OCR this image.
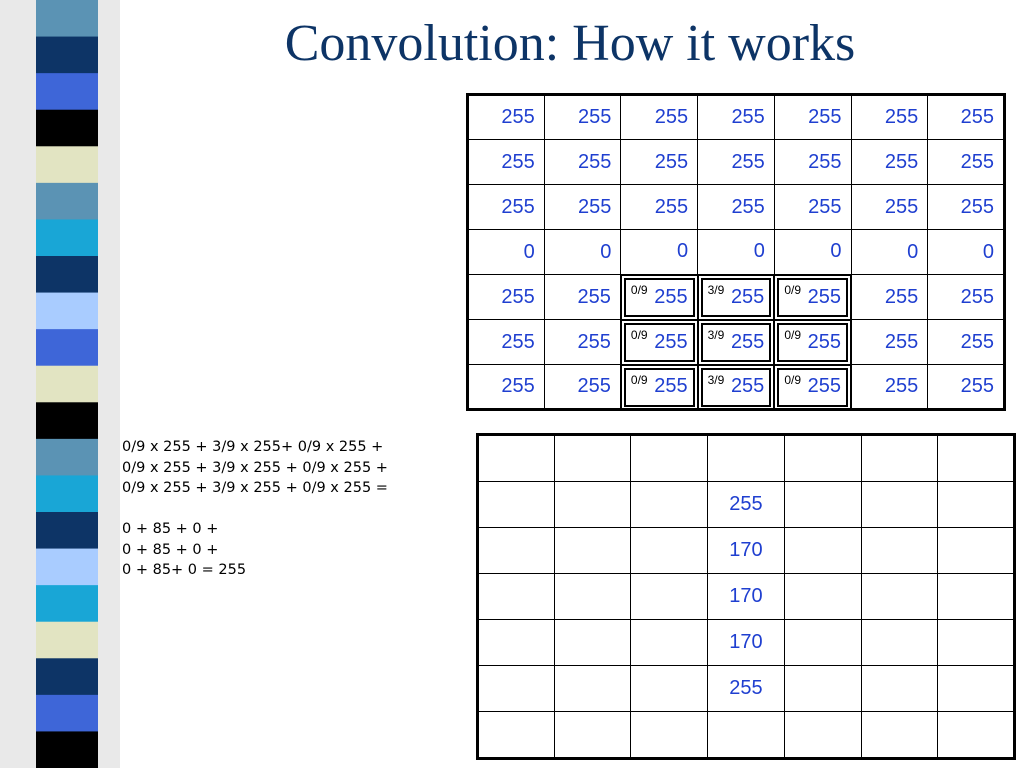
Convolution: How it works
255	255	255	255	255	255	255
255	255	255	255	255	255	255
255	255	255	255	255	255	255
0	0	0	0	0	0	0
255	255	0/9 255	3/9 255	0/9 255	255	255
255	255	0/9 255	3/9 255	0/9 255	255	255
255	255	0/9 255	3/9 255	0/9 255	255	255
0/9 x 255 + 3/9 x 255+ 0/9 x 255 +
0/9 x 255 + 3/9 x 255 + 0/9 x 255 +
0/9 x 255 + 3/9 x 255 + 0/9 x 255 =

0 + 85 + 0 +
0 + 85 + 0 +
0 + 85+ 0 = 255

			255			
			170			
			170			
			170			
			255			
